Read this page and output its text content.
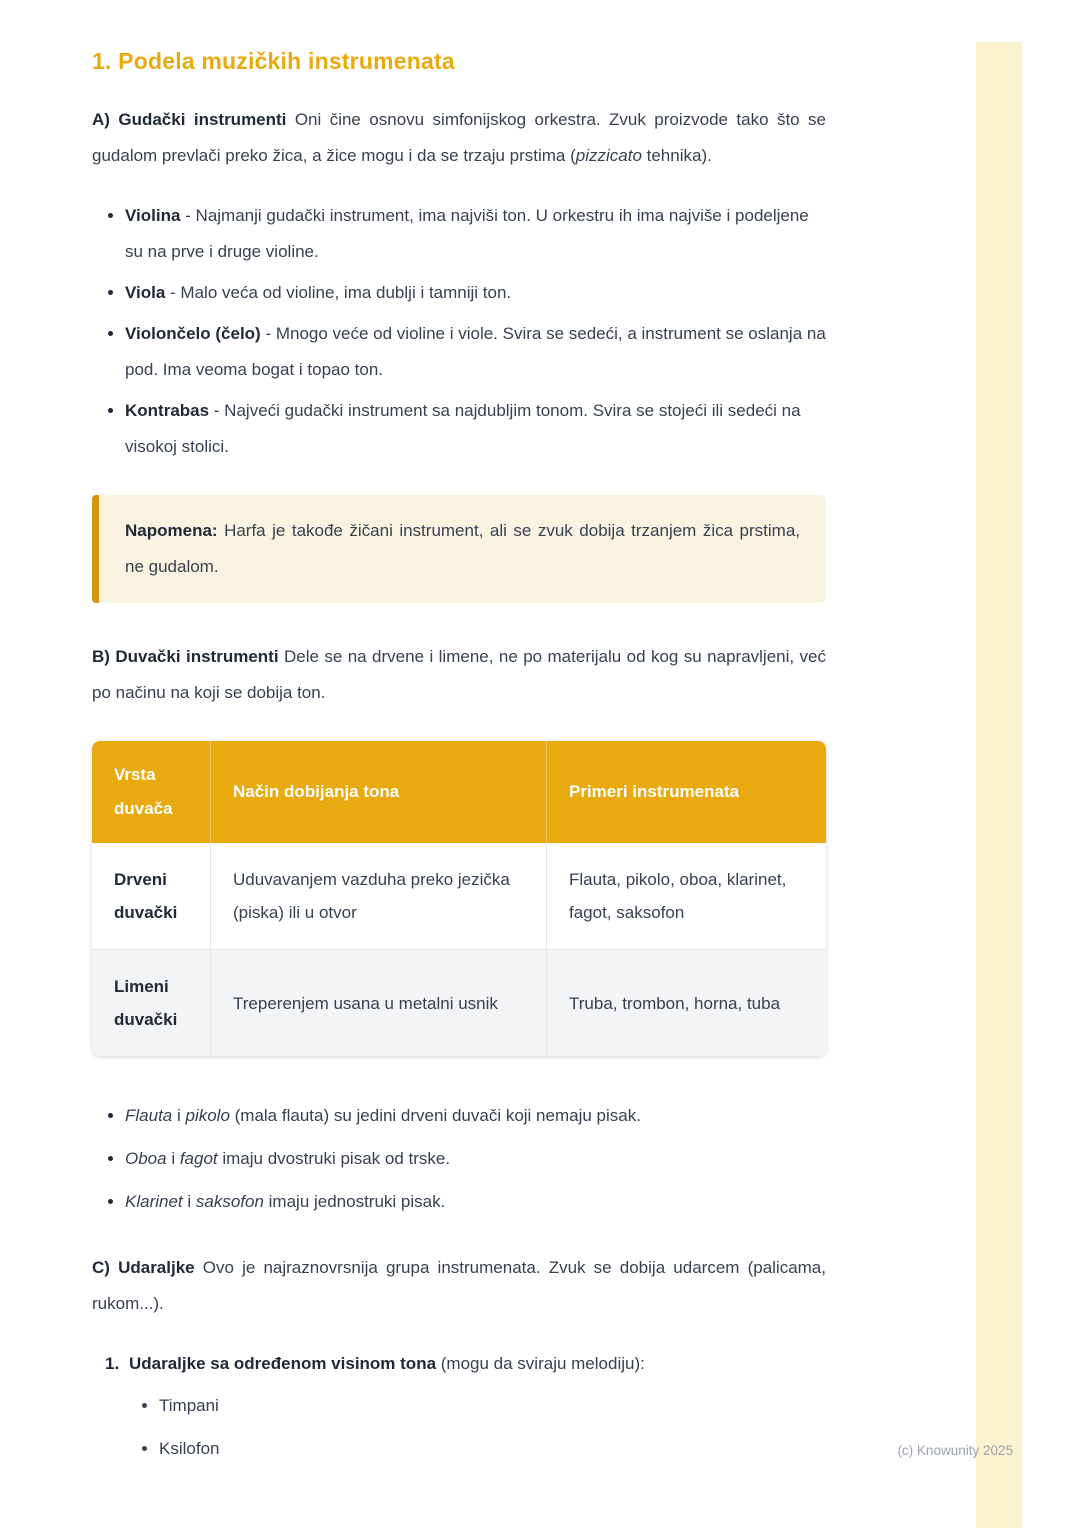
1. Podela muzičkih instrumenata

A) Gudački instrumenti Oni čine osnovu simfonijskog orkestra. Zvuk proizvode tako što se gudalom prevlači preko žica, a žice mogu i da se trzaju prstima (pizzicato tehnika).

• Violina - Najmanji gudački instrument, ima najviši ton. U orkestru ih ima najviše i podeljene su na prve i druge violine.
• Viola - Malo veća od violine, ima dublji i tamniji ton.
• Violončelo (čelo) - Mnogo veće od violine i viole. Svira se sedeći, a instrument se oslanja na pod. Ima veoma bogat i topao ton.
• Kontrabas - Najveći gudački instrument sa najdubljim tonom. Svira se stojeći ili sedeći na visokoj stolici.

Napomena: Harfa je takođe žičani instrument, ali se zvuk dobija trzanjem žica prstima, ne gudalom.

B) Duvački instrumenti Dele se na drvene i limene, ne po materijalu od kog su napravljeni, već po načinu na koji se dobija ton.

Vrsta duvača	Način dobijanja tona	Primeri instrumenata
Drveni duvački	Uduvavanjem vazduha preko jezička (piska) ili u otvor	Flauta, pikolo, oboa, klarinet, fagot, saksofon
Limeni duvački	Treperenjem usana u metalni usnik	Truba, trombon, horna, tuba
• Flauta i pikolo (mala flauta) su jedini drveni duvači koji nemaju pisak.
• Oboa i fagot imaju dvostruki pisak od trske.
• Klarinet i saksofon imaju jednostruki pisak.

C) Udaraljke Ovo je najraznovrsnija grupa instrumenata. Zvuk se dobija udarcem (palicama, rukom...).

1. Udaraljke sa određenom visinom tona (mogu da sviraju melodiju):
• Timpani
• Ksilofon	(c) Knowunity 2025
